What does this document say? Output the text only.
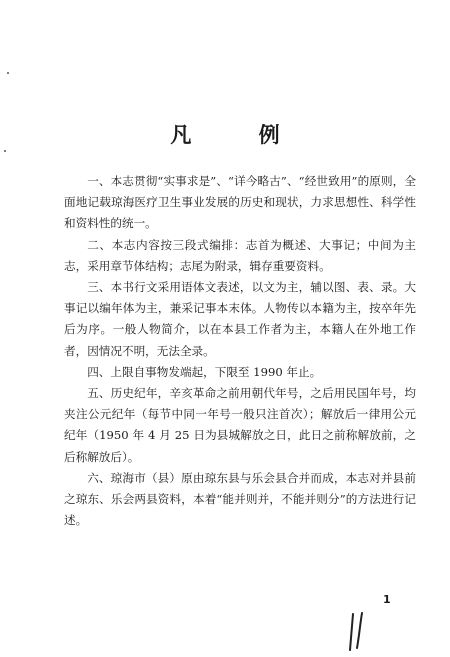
凡 例

一、本志贯彻“实事求是”、“详今略古”、“经世致用”的原则，全面地记载琼海医疗卫生事业发展的历史和现状，力求思想性、科学性和资料性的统一。

二、本志内容按三段式编排：志首为概述、大事记；中间为主志，采用章节体结构；志尾为附录，辑存重要资料。

三、本书行文采用语体文表述，以文为主，辅以图、表、录。大事记以编年体为主，兼采记事本末体。人物传以本籍为主，按卒年先后为序。一般人物简介，以在本县工作者为主，本籍人在外地工作者，因情况不明，无法全录。

四、上限自事物发端起，下限至 1990 年止。

五、历史纪年，辛亥革命之前用朝代年号，之后用民国年号，均夹注公元纪年（每节中同一年号一般只注首次）；解放后一律用公元纪年（1950 年 4 月 25 日为县城解放之日，此日之前称解放前，之后称解放后）。

六、琼海市（县）原由琼东县与乐会县合并而成，本志对并县前之琼东、乐会两县资料，本着“能并则并，不能并则分”的方法进行记述。

1
